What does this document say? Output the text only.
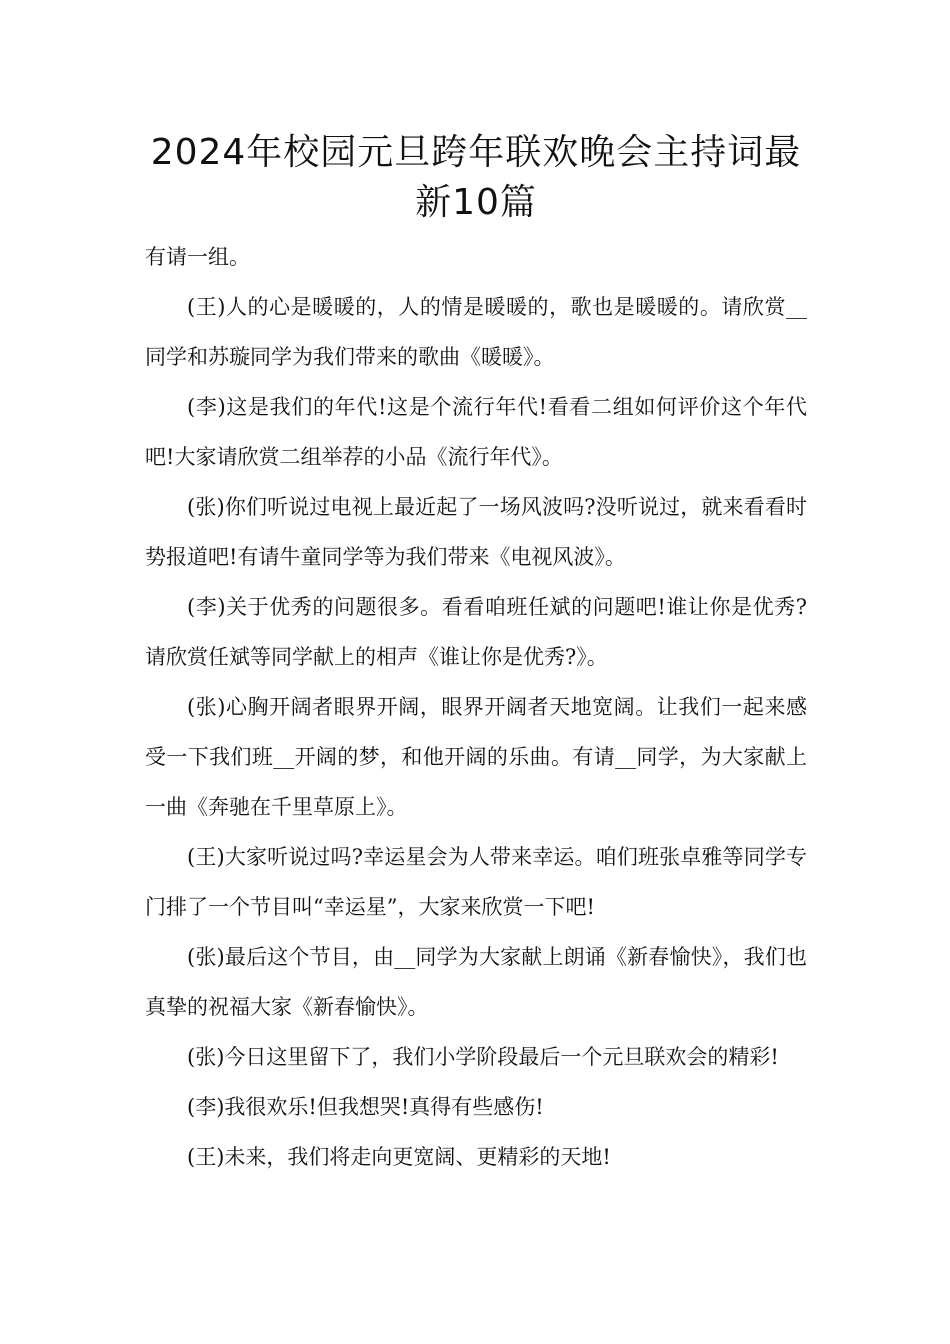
2024年校园元旦跨年联欢晚会主持词最
新10篇

有请一组。

(王)人的心是暖暖的，人的情是暖暖的，歌也是暖暖的。请欣赏__同学和苏璇同学为我们带来的歌曲《暖暖》。

(李)这是我们的年代!这是个流行年代!看看二组如何评价这个年代吧!大家请欣赏二组举荐的小品《流行年代》。

(张)你们听说过电视上最近起了一场风波吗?没听说过，就来看看时势报道吧!有请牛童同学等为我们带来《电视风波》。

(李)关于优秀的问题很多。看看咱班任斌的问题吧!谁让你是优秀?请欣赏任斌等同学献上的相声《谁让你是优秀?》。

(张)心胸开阔者眼界开阔，眼界开阔者天地宽阔。让我们一起来感受一下我们班__开阔的梦，和他开阔的乐曲。有请__同学，为大家献上一曲《奔驰在千里草原上》。

(王)大家听说过吗?幸运星会为人带来幸运。咱们班张卓雅等同学专门排了一个节目叫“幸运星”，大家来欣赏一下吧!

(张)最后这个节目，由__同学为大家献上朗诵《新春愉快》，我们也真挚的祝福大家《新春愉快》。

(张)今日这里留下了，我们小学阶段最后一个元旦联欢会的精彩!

(李)我很欢乐!但我想哭!真得有些感伤!

(王)未来，我们将走向更宽阔、更精彩的天地!
